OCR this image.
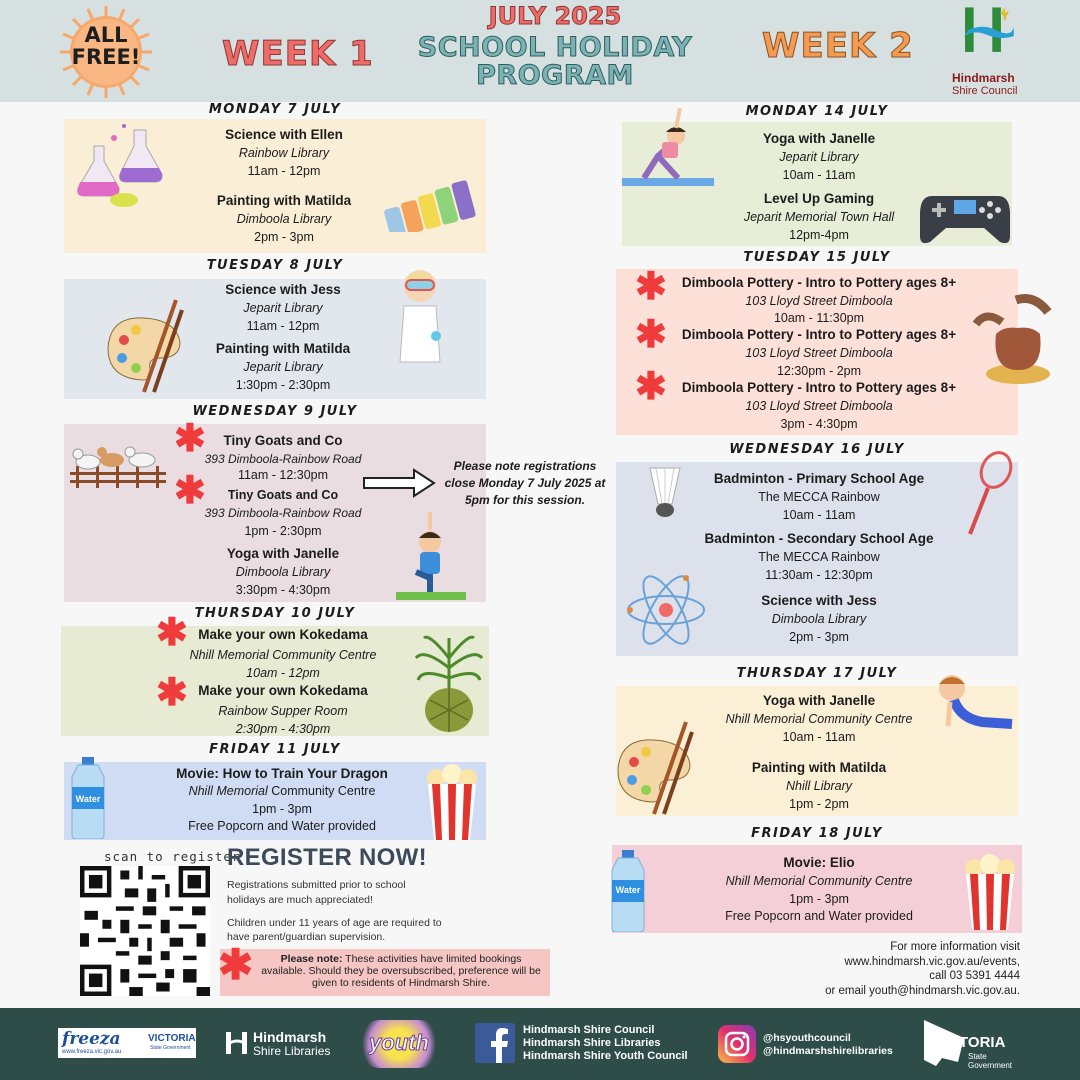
ALL
FREE!	WEEK 1
JULY 2025
SCHOOL HOLIDAY
PROGRAM
WEEK 2
Hindmarsh
Shire Council
MONDAY 7 JULY
Science with Ellen
Rainbow Library
11am - 12pm
Painting with Matilda
Dimboola Library
2pm - 3pm
TUESDAY 8 JULY
Science with Jess
Jeparit Library
11am - 12pm
Painting with Matilda
Jeparit Library
1:30pm - 2:30pm
WEDNESDAY 9 JULY
✱
✱
Tiny Goats and Co
393 Dimboola-Rainbow Road
11am - 12:30pm
Tiny Goats and Co
393 Dimboola-Rainbow Road
1pm - 2:30pm
Yoga with Janelle
Dimboola Library
3:30pm - 4:30pm
Please note registrations close Monday 7 July 2025 at 5pm for this session.
THURSDAY 10 JULY
✱
✱
Make your own Kokedama
Nhill Memorial Community Centre
10am - 12pm
Make your own Kokedama
Rainbow Supper Room
2:30pm - 4:30pm
FRIDAY 11 JULY
Water
Movie: How to Train Your Dragon
Nhill Memorial Community Centre
1pm - 3pm
Free Popcorn and Water provided
scan to register
REGISTER NOW!
Registrations submitted prior to school
holidays are much appreciated!
Children under 11 years of age are required to
have parent/guardian supervision.
✱	Please note: These activities have limited bookings available. Should they be oversubscribed, preference will be given to residents of Hindmarsh Shire.
MONDAY 14 JULY
Yoga with Janelle
Jeparit Library
10am - 11am
Level Up Gaming
Jeparit Memorial Town Hall
12pm-4pm
TUESDAY 15 JULY
✱
✱
✱
Dimboola Pottery - Intro to Pottery ages 8+
103 Lloyd Street Dimboola
10am - 11:30pm
Dimboola Pottery - Intro to Pottery ages 8+
103 Lloyd Street Dimboola
12:30pm - 2pm
Dimboola Pottery - Intro to Pottery ages 8+
103 Lloyd Street Dimboola
3pm - 4:30pm
WEDNESDAY 16 JULY
Badminton - Primary School Age
The MECCA Rainbow
10am - 11am
Badminton - Secondary School Age
The MECCA Rainbow
11:30am - 12:30pm
Science with Jess
Dimboola Library
2pm - 3pm
THURSDAY 17 JULY
Yoga with Janelle
Nhill Memorial Community Centre
10am - 11am
Painting with Matilda
Nhill Library
1pm - 2pm
FRIDAY 18 JULY
Water
Movie: Elio
Nhill Memorial Community Centre
1pm - 3pm
Free Popcorn and Water provided
For more information visit
www.hindmarsh.vic.gov.au/events,
call 03 5391 4444
or email youth@hindmarsh.vic.gov.au.
freeza
www.freeza.vic.gov.au
VICTORIA
State Government
Hindmarsh
Shire Libraries	youth	Hindmarsh Shire Council
Hindmarsh Shire Libraries
Hindmarsh Shire Youth Council
@hsyouthcouncil
@hindmarshshirelibraries	VICTORIA
State
Government
